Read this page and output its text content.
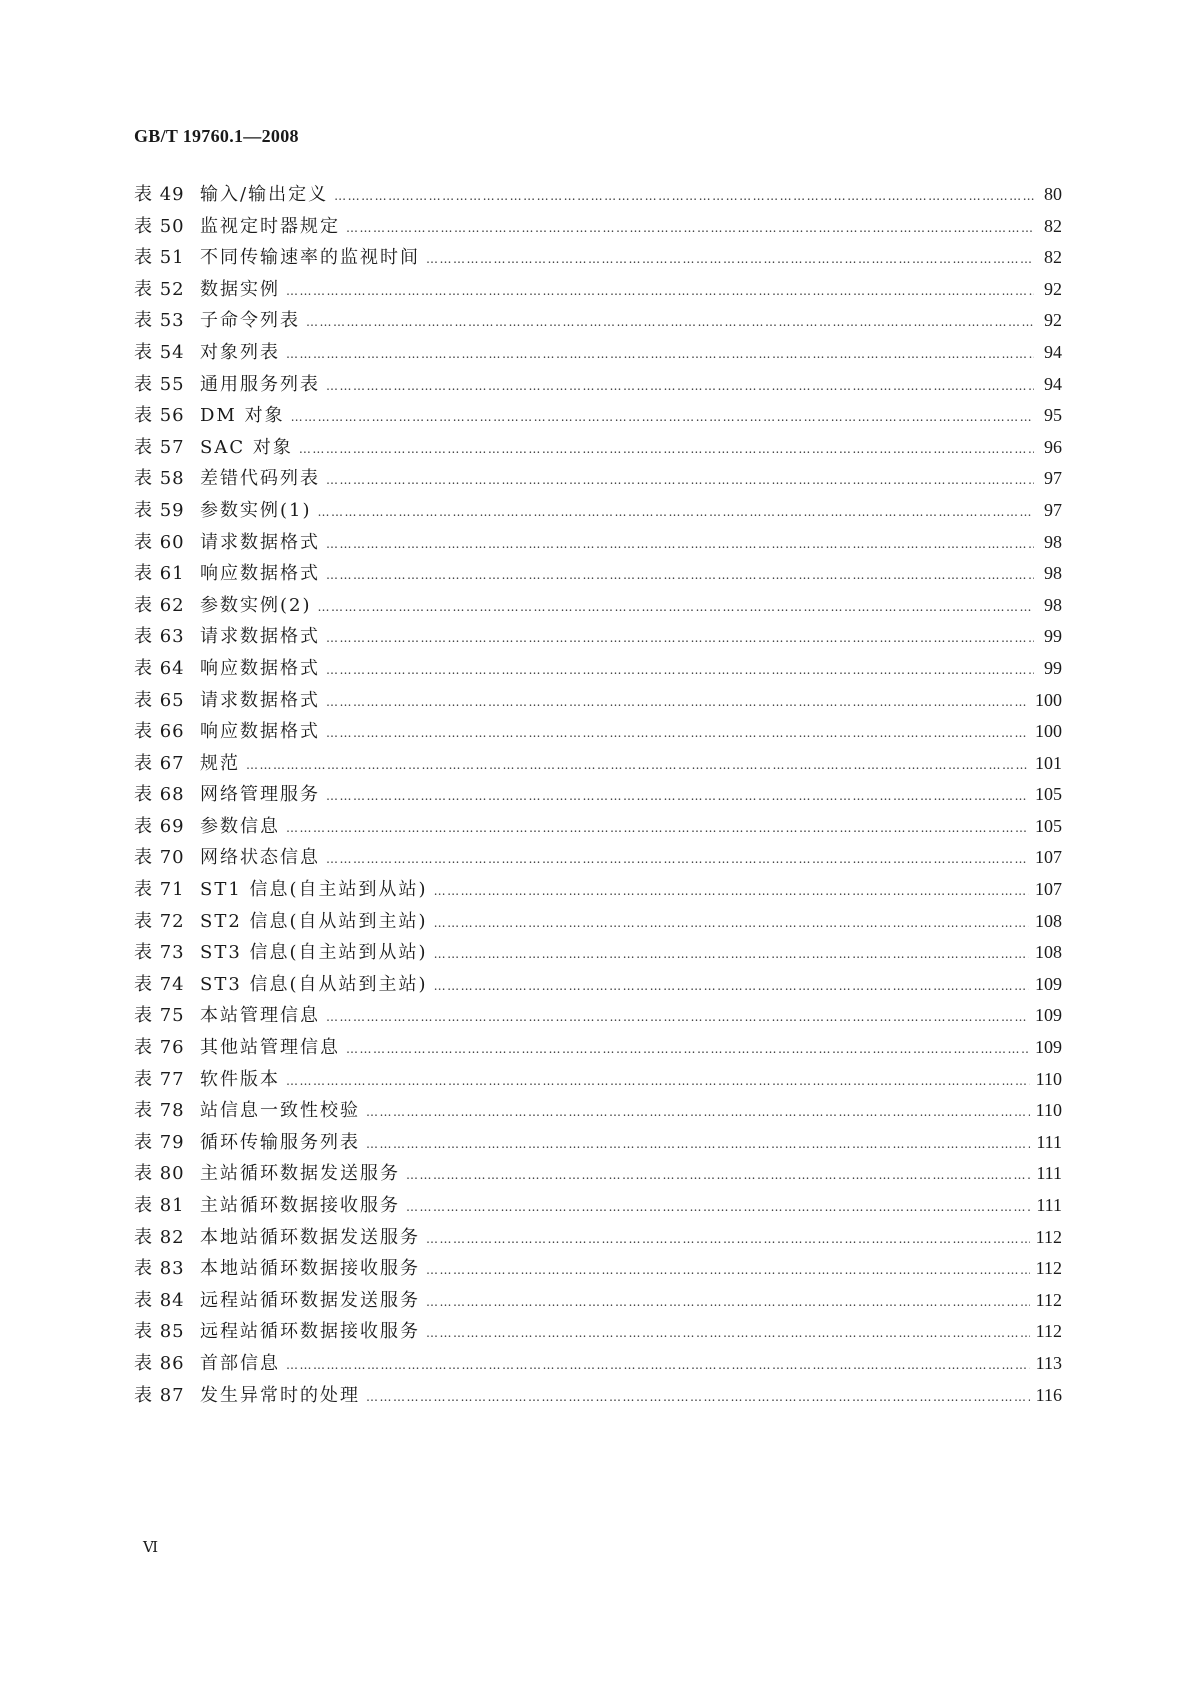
GB/T 19760.1—2008
表 49 输入/输出定义 ………………………………………………………………………………………………………………………………………………………………………………………………………………	80
表 50 监视定时器规定 ………………………………………………………………………………………………………………………………………………………………………………………………………………	82
表 51 不同传输速率的监视时间 ………………………………………………………………………………………………………………………………………………………………………………………………………………	82
表 52 数据实例 ………………………………………………………………………………………………………………………………………………………………………………………………………………	92
表 53 子命令列表 ………………………………………………………………………………………………………………………………………………………………………………………………………………	92
表 54 对象列表 ………………………………………………………………………………………………………………………………………………………………………………………………………………	94
表 55 通用服务列表 ………………………………………………………………………………………………………………………………………………………………………………………………………………	94
表 56 DM 对象 ………………………………………………………………………………………………………………………………………………………………………………………………………………	95
表 57 SAC 对象 ………………………………………………………………………………………………………………………………………………………………………………………………………………	96
表 58 差错代码列表 ………………………………………………………………………………………………………………………………………………………………………………………………………………	97
表 59 参数实例(1) ………………………………………………………………………………………………………………………………………………………………………………………………………………	97
表 60 请求数据格式 ………………………………………………………………………………………………………………………………………………………………………………………………………………	98
表 61 响应数据格式 ………………………………………………………………………………………………………………………………………………………………………………………………………………	98
表 62 参数实例(2) ………………………………………………………………………………………………………………………………………………………………………………………………………………	98
表 63 请求数据格式 ………………………………………………………………………………………………………………………………………………………………………………………………………………	99
表 64 响应数据格式 ………………………………………………………………………………………………………………………………………………………………………………………………………………	99
表 65 请求数据格式 ………………………………………………………………………………………………………………………………………………………………………………………………………………	100
表 66 响应数据格式 ………………………………………………………………………………………………………………………………………………………………………………………………………………	100
表 67 规范 ………………………………………………………………………………………………………………………………………………………………………………………………………………	101
表 68 网络管理服务 ………………………………………………………………………………………………………………………………………………………………………………………………………………	105
表 69 参数信息 ………………………………………………………………………………………………………………………………………………………………………………………………………………	105
表 70 网络状态信息 ………………………………………………………………………………………………………………………………………………………………………………………………………………	107
表 71 ST1 信息(自主站到从站) ………………………………………………………………………………………………………………………………………………………………………………………………………………	107
表 72 ST2 信息(自从站到主站) ………………………………………………………………………………………………………………………………………………………………………………………………………………	108
表 73 ST3 信息(自主站到从站) ………………………………………………………………………………………………………………………………………………………………………………………………………………	108
表 74 ST3 信息(自从站到主站) ………………………………………………………………………………………………………………………………………………………………………………………………………………	109
表 75 本站管理信息 ………………………………………………………………………………………………………………………………………………………………………………………………………………	109
表 76 其他站管理信息 ………………………………………………………………………………………………………………………………………………………………………………………………………………	109
表 77 软件版本 ………………………………………………………………………………………………………………………………………………………………………………………………………………	110
表 78 站信息一致性校验 ………………………………………………………………………………………………………………………………………………………………………………………………………………	110
表 79 循环传输服务列表 ………………………………………………………………………………………………………………………………………………………………………………………………………………	111
表 80 主站循环数据发送服务 ………………………………………………………………………………………………………………………………………………………………………………………………………………	111
表 81 主站循环数据接收服务 ………………………………………………………………………………………………………………………………………………………………………………………………………………	111
表 82 本地站循环数据发送服务 ………………………………………………………………………………………………………………………………………………………………………………………………………………	112
表 83 本地站循环数据接收服务 ………………………………………………………………………………………………………………………………………………………………………………………………………………	112
表 84 远程站循环数据发送服务 ………………………………………………………………………………………………………………………………………………………………………………………………………………	112
表 85 远程站循环数据接收服务 ………………………………………………………………………………………………………………………………………………………………………………………………………………	112
表 86 首部信息 ………………………………………………………………………………………………………………………………………………………………………………………………………………	113
表 87 发生异常时的处理 ………………………………………………………………………………………………………………………………………………………………………………………………………………	116
Ⅵ
